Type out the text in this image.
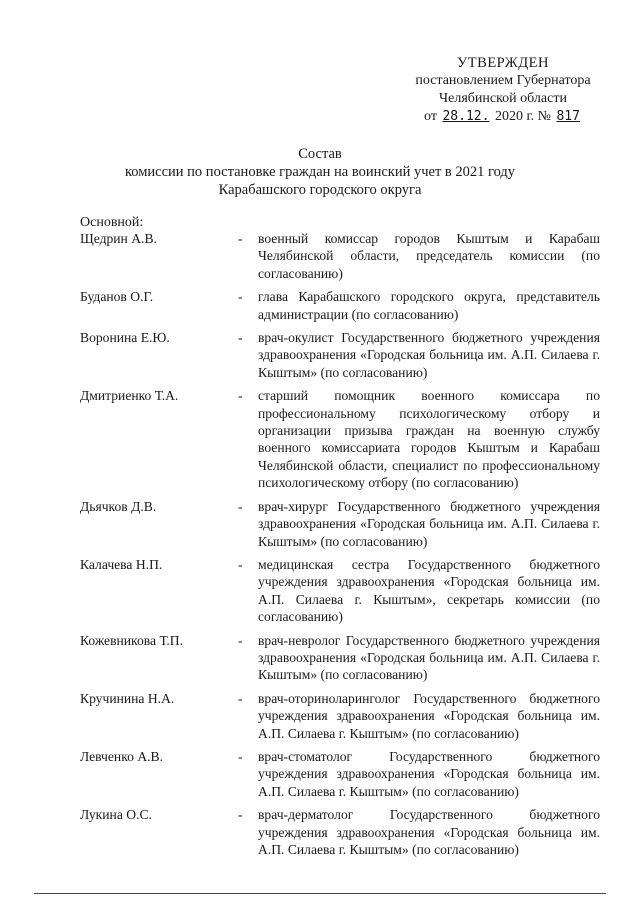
УТВЕРЖДЕН
постановлением Губернатора
Челябинской области
от 28.12. 2020 г. № 817
Состав
комиссии по постановке граждан на воинский учет в 2021 году
Карабашского городского округа
Основной:
Щедрин А.В.	-	военный комиссар городов Кыштым и Карабаш Челябинской области, председатель комиссии (по согласованию)
Буданов О.Г.	-	глава Карабашского городского округа, представитель администрации (по согласованию)
Воронина Е.Ю.	-	врач-окулист Государственного бюджетного учреждения здравоохранения «Городская больница им. А.П. Силаева г. Кыштым» (по согласованию)
Дмитриенко Т.А.	-	старший помощник военного комиссара по профессиональному психологическому отбору и организации призыва граждан на военную службу военного комиссариата городов Кыштым и Карабаш Челябинской области, специалист по профессиональному психологическому отбору (по согласованию)
Дьячков Д.В.	-	врач-хирург Государственного бюджетного учреждения здравоохранения «Городская больница им. А.П. Силаева г. Кыштым» (по согласованию)
Калачева Н.П.	-	медицинская сестра Государственного бюджетного учреждения здравоохранения «Городская больница им. А.П. Силаева г. Кыштым», секретарь комиссии (по согласованию)
Кожевникова Т.П.	-	врач-невролог Государственного бюджетного учреждения здравоохранения «Городская больница им. А.П. Силаева г. Кыштым» (по согласованию)
Кручинина Н.А.	-	врач-оториноларинголог Государственного бюджетного учреждения здравоохранения «Городская больница им. А.П. Силаева г. Кыштым» (по согласованию)
Левченко А.В.	-	врач-стоматолог Государственного бюджетного учреждения здравоохранения «Городская больница им. А.П. Силаева г. Кыштым» (по согласованию)
Лукина О.С.	-	врач-дерматолог Государственного бюджетного учреждения здравоохранения «Городская больница им. А.П. Силаева г. Кыштым» (по согласованию)
